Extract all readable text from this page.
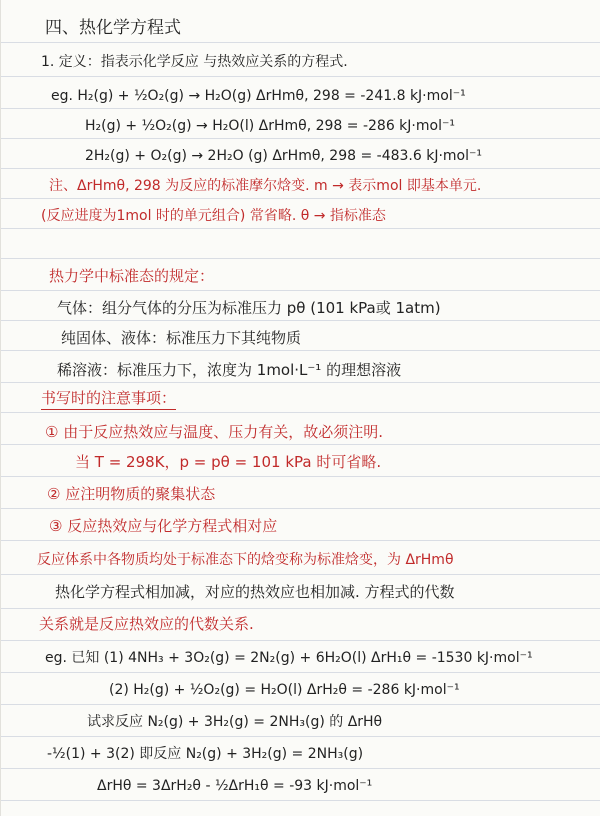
四、热化学方程式
1. 定义：指表示化学反应 与热效应关系的方程式.
eg. H₂(g) + ½O₂(g) → H₂O(g) ΔrHmθ, 298 = -241.8 kJ·mol⁻¹
H₂(g) + ½O₂(g) → H₂O(l) ΔrHmθ, 298 = -286 kJ·mol⁻¹
2H₂(g) + O₂(g) → 2H₂O (g) ΔrHmθ, 298 = -483.6 kJ·mol⁻¹
注、ΔrHmθ, 298 为反应的标准摩尔焓变. m → 表示mol 即基本单元.
(反应进度为1mol 时的单元组合) 常省略. θ → 指标准态
热力学中标准态的规定：
气体：组分气体的分压为标准压力 pθ (101 kPa或 1atm)
纯固体、液体：标准压力下其纯物质
稀溶液：标准压力下，浓度为 1mol·L⁻¹ 的理想溶液
书写时的注意事项：
① 由于反应热效应与温度、压力有关，故必须注明.
当 T = 298K，p = pθ = 101 kPa 时可省略.
② 应注明物质的聚集状态
③ 反应热效应与化学方程式相对应
反应体系中各物质均处于标准态下的焓变称为标准焓变，为 ΔrHmθ
热化学方程式相加减，对应的热效应也相加减. 方程式的代数
关系就是反应热效应的代数关系.
eg. 已知 (1) 4NH₃ + 3O₂(g) = 2N₂(g) + 6H₂O(l) ΔrH₁θ = -1530 kJ·mol⁻¹
(2) H₂(g) + ½O₂(g) = H₂O(l) ΔrH₂θ = -286 kJ·mol⁻¹
试求反应 N₂(g) + 3H₂(g) = 2NH₃(g) 的 ΔrHθ
-½(1) + 3(2) 即反应 N₂(g) + 3H₂(g) = 2NH₃(g)
ΔrHθ = 3ΔrH₂θ - ½ΔrH₁θ = -93 kJ·mol⁻¹
